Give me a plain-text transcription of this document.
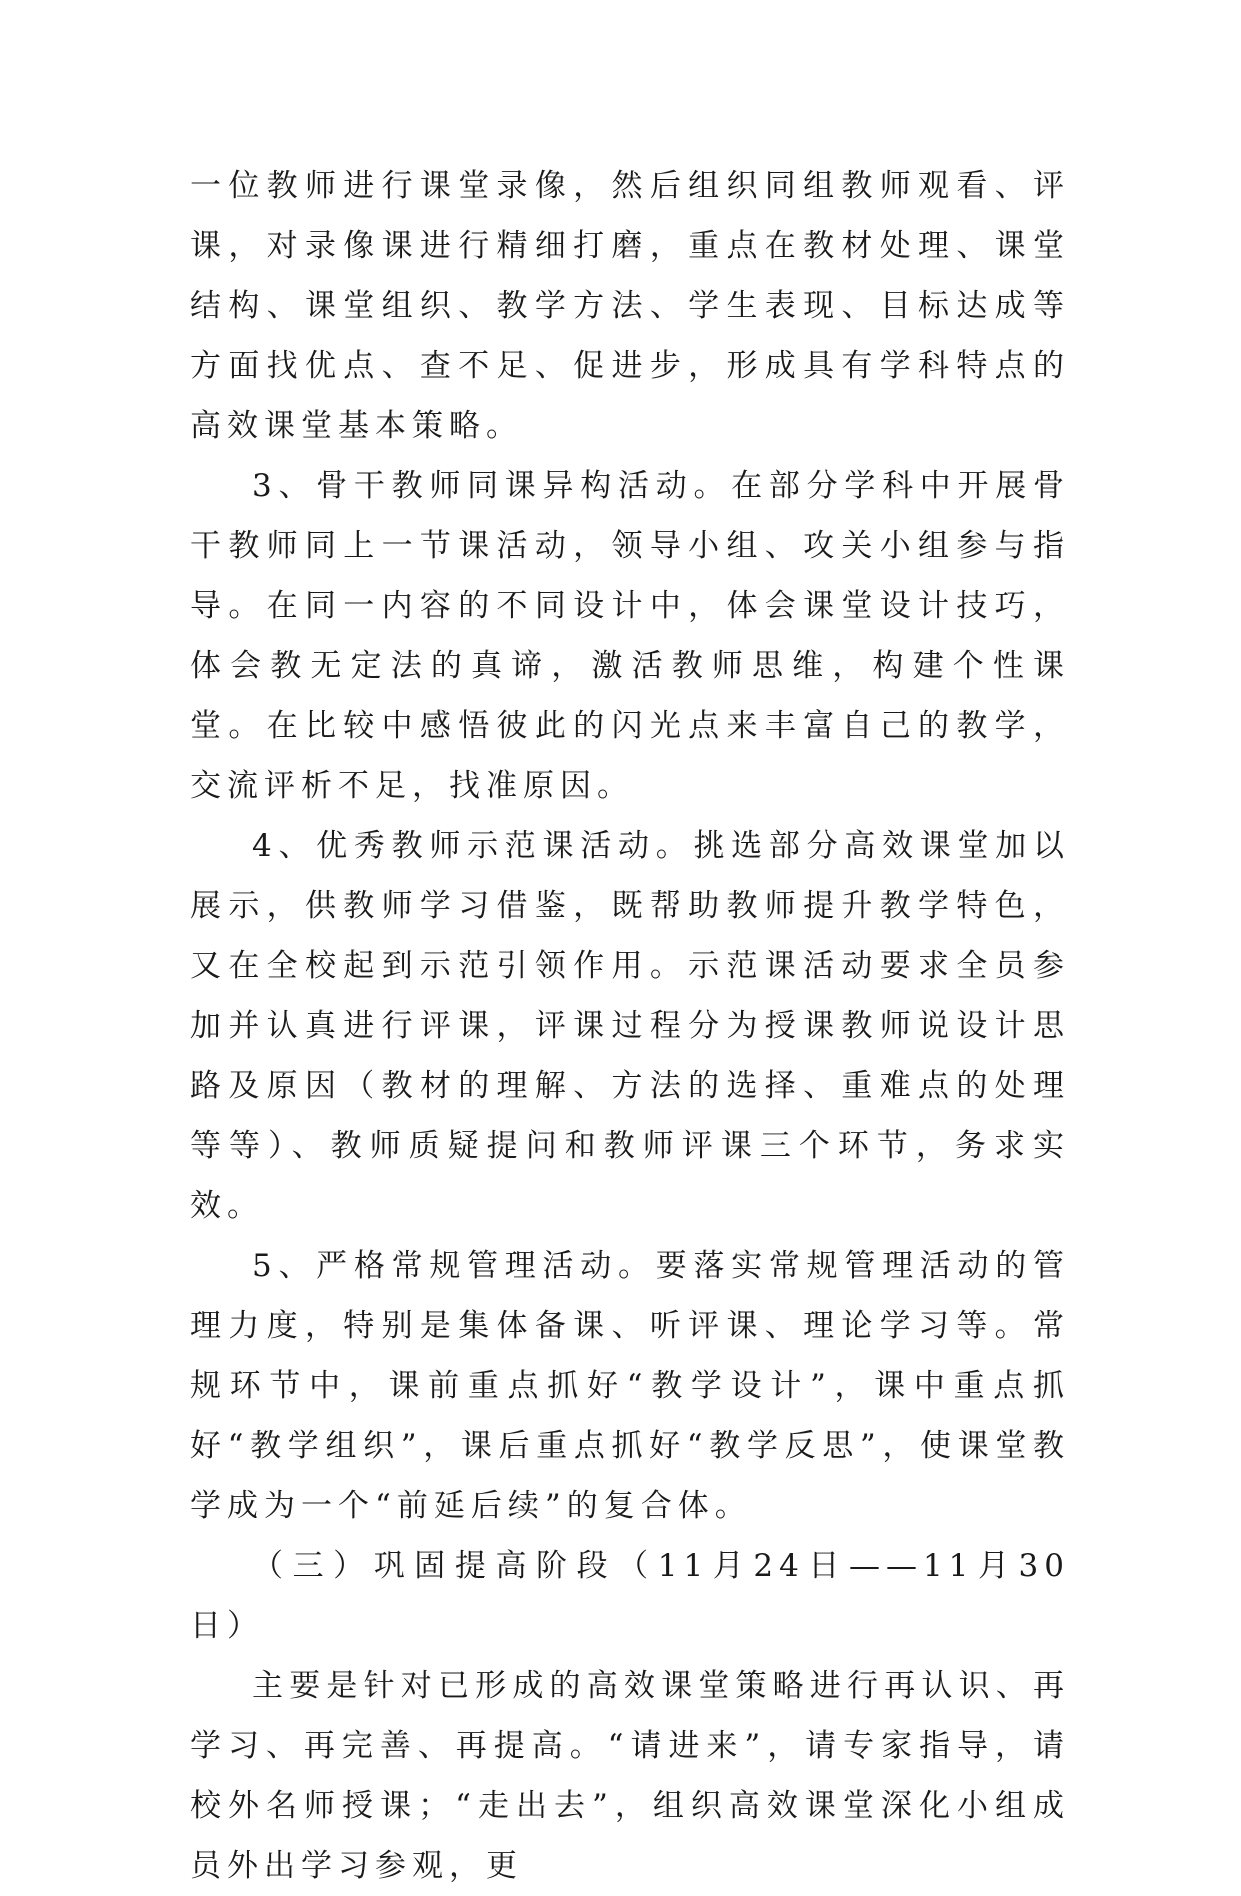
一位教师进行课堂录像，然后组织同组教师观看、评课，对录像课进行精细打磨，重点在教材处理、课堂结构、课堂组织、教学方法、学生表现、目标达成等方面找优点、查不足、促进步，形成具有学科特点的高效课堂基本策略。

3、骨干教师同课异构活动。在部分学科中开展骨干教师同上一节课活动，领导小组、攻关小组参与指导。在同一内容的不同设计中，体会课堂设计技巧，体会教无定法的真谛，激活教师思维，构建个性课堂。在比较中感悟彼此的闪光点来丰富自己的教学，交流评析不足，找准原因。

4、优秀教师示范课活动。挑选部分高效课堂加以展示，供教师学习借鉴，既帮助教师提升教学特色，又在全校起到示范引领作用。示范课活动要求全员参加并认真进行评课，评课过程分为授课教师说设计思路及原因（教材的理解、方法的选择、重难点的处理等等）、教师质疑提问和教师评课三个环节，务求实效。

5、严格常规管理活动。要落实常规管理活动的管理力度，特别是集体备课、听评课、理论学习等。常规环节中，课前重点抓好“教学设计”，课中重点抓好“教学组织”，课后重点抓好“教学反思”，使课堂教学成为一个“前延后续”的复合体。

（三）巩固提高阶段（11月24日——11月30日）

主要是针对已形成的高效课堂策略进行再认识、再学习、再完善、再提高。“请进来”，请专家指导，请校外名师授课；“走出去”，组织高效课堂深化小组成员外出学习参观，更
